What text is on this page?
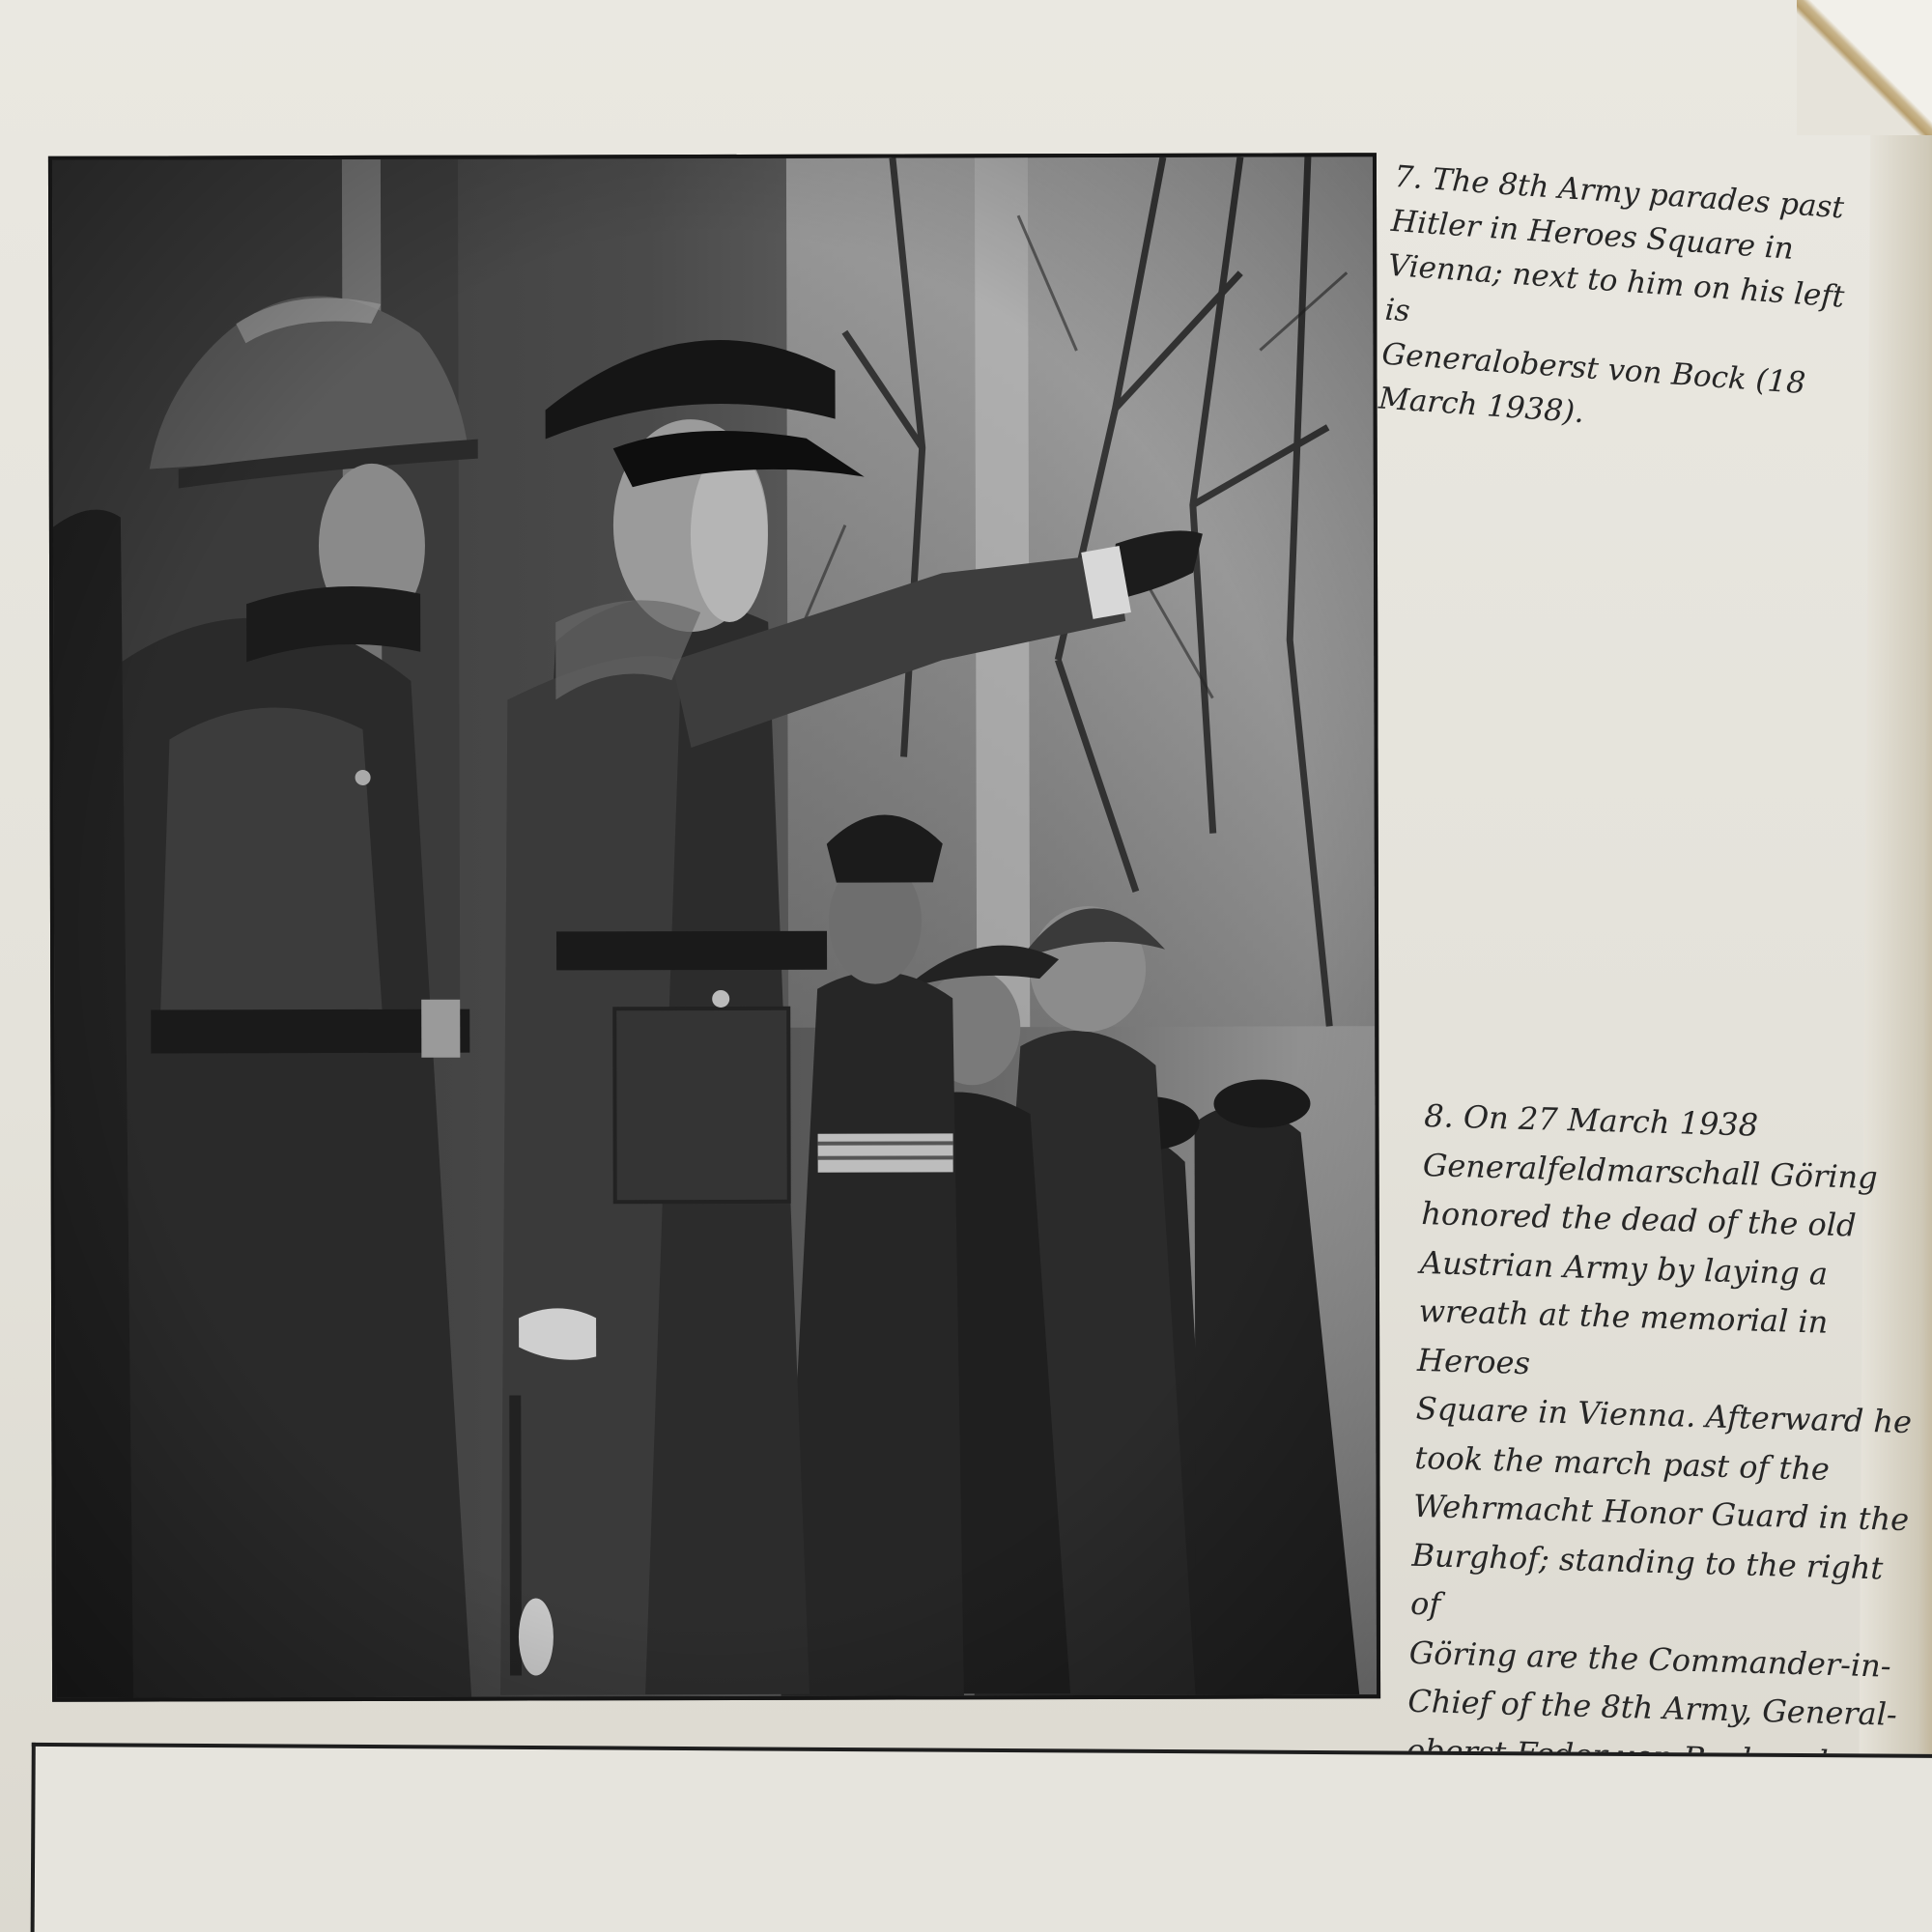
7. The 8th Army parades past
Hitler in Heroes Square in
Vienna; next to him on his left is
Generaloberst von Bock (18
March 1938).

8. On 27 March 1938
Generalfeldmarschall Göring
honored the dead of the old
Austrian Army by laying a
wreath at the memorial in Heroes
Square in Vienna. Afterward he
took the march past of the
Wehrmacht Honor Guard in the
Burghof; standing to the right of
Göring are the Commander-in-
Chief of the 8th Army, General-
